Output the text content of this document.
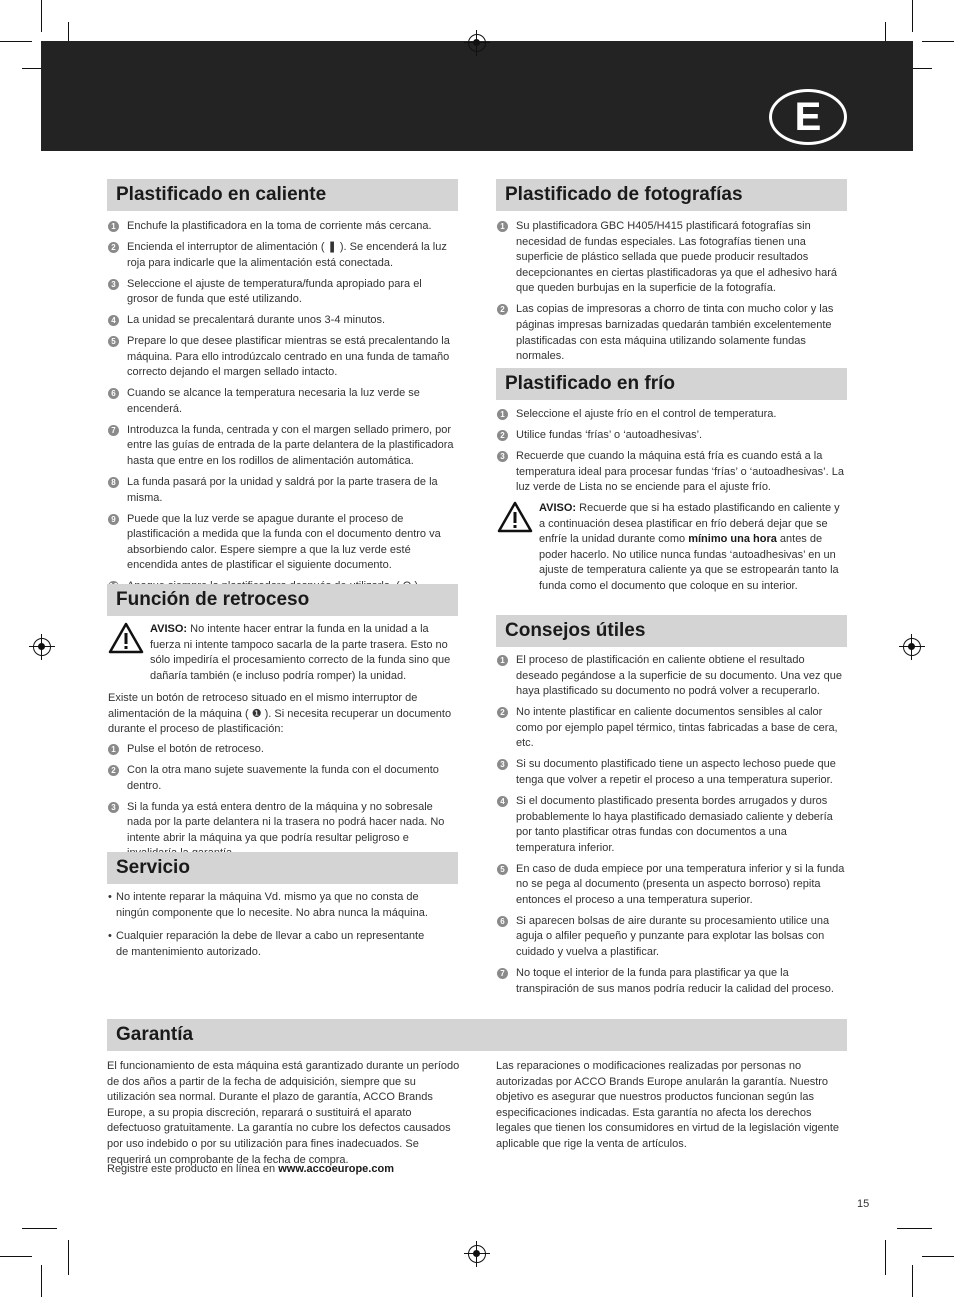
E
Plastificado en caliente
1 Enchufe la plastificadora en la toma de corriente más cercana.
2 Encienda el interruptor de alimentación ( ❚ ). Se encenderá la luz roja para indicarle que la alimentación está conectada.
3 Seleccione el ajuste de temperatura/funda apropiado para el grosor de funda que esté utilizando.
4 La unidad se precalentará durante unos 3-4 minutos.
5 Prepare lo que desee plastificar mientras se está precalentando la máquina. Para ello introdúzcalo centrado en una funda de tamaño correcto dejando el margen sellado intacto.
6 Cuando se alcance la temperatura necesaria la luz verde se encenderá.
7 Introduzca la funda, centrada y con el margen sellado primero, por entre las guías de entrada de la parte delantera de la plastificadora hasta que entre en los rodillos de alimentación automática.
8 La funda pasará por la unidad y saldrá por la parte trasera de la misma.
9 Puede que la luz verde se apague durante el proceso de plastificación a medida que la funda con el documento dentro va absorbiendo calor. Espere siempre a que la luz verde esté encendida antes de plastificar el siguiente documento.
Función de retroceso
AVISO: No intente hacer entrar la funda en la unidad a la fuerza ni intente tampoco sacarla de la parte trasera. Esto no sólo impediría el procesamiento correcto de la funda sino que dañaría también (e incluso podría romper) la unidad.

Existe un botón de retroceso situado en el mismo interruptor de alimentación de la máquina ( ❶ ). Si necesita recuperar un documento durante el proceso de plastificación:

1 Pulse el botón de retroceso.
2 Con la otra mano sujete suavemente la funda con el documento dentro.
3 Si la funda ya está entera dentro de la máquina y no sobresale nada por la parte delantera ni la trasera no podrá hacer nada. No intente abrir la máquina ya que podría resultar peligroso e
Servicio
• No intente reparar la máquina Vd. mismo ya que no consta de ningún componente que lo necesite. No abra nunca la máquina.
• Cualquier reparación la debe de llevar a cabo un representante de mantenimiento autorizado.
Plastificado de fotografías
1 Su plastificadora GBC H405/H415 plastificará fotografías sin necesidad de fundas especiales. Las fotografías tienen una superficie de plástico sellada que puede producir resultados decepcionantes en ciertas plastificadoras ya que el adhesivo hará que queden burbujas en la superficie de la fotografía.
2 Las copias de impresoras a chorro de tinta con mucho color y las páginas impresas barnizadas quedarán también excelentemente plastificadas con esta máquina utilizando solamente fundas normales.
Plastificado en frío
1 Seleccione el ajuste frío en el control de temperatura.
2 Utilice fundas ‘frías’ o ‘autoadhesivas’.
3 Recuerde que cuando la máquina está fría es cuando está a la temperatura ideal para procesar fundas ‘frías’ o ‘autoadhesivas’. La luz verde de Lista no se enciende para el ajuste frío.
AVISO: Recuerde que si ha estado plastificando en caliente y a continuación desea plastificar en frío deberá dejar que se enfríe la unidad durante como mínimo una hora antes de poder hacerlo. No utilice nunca fundas ‘autoadhesivas’ en un ajuste de temperatura caliente ya que se estropearán tanto la funda como el documento que coloque en su interior.
Consejos útiles
1 El proceso de plastificación en caliente obtiene el resultado deseado pegándose a la superficie de su documento. Una vez que haya plastificado su documento no podrá volver a recuperarlo.
2 No intente plastificar en caliente documentos sensibles al calor como por ejemplo papel térmico, tintas fabricadas a base de cera, etc.
3 Si su documento plastificado tiene un aspecto lechoso puede que tenga que volver a repetir el proceso a una temperatura superior.
4 Si el documento plastificado presenta bordes arrugados y duros probablemente lo haya plastificado demasiado caliente y debería por tanto plastificar otras fundas con documentos a una temperatura inferior.
5 En caso de duda empiece por una temperatura inferior y si la funda no se pega al documento (presenta un aspecto borroso) repita entonces el proceso a una temperatura superior.
6 Si aparecen bolsas de aire durante su procesamiento utilice una aguja o alfiler pequeño y punzante para explotar las bolsas con cuidado y vuelva a plastificar.
7 No toque el interior de la funda para plastificar ya que la transpiración de sus manos podría reducir la calidad del proceso.
Garantía

El funcionamiento de esta máquina está garantizado durante un período de dos años a partir de la fecha de adquisición, siempre que su utilización sea normal. Durante el plazo de garantía, ACCO Brands Europe, a su propia discreción, reparará o sustituirá el aparato defectuoso gratuitamente. La garantía no cubre los defectos causados por uso indebido o por su utilización para fines inadecuados. Se requerirá un comprobante de la fecha de compra.

Registre este producto en línea en www.accoeurope.com

Las reparaciones o modificaciones realizadas por personas no autorizadas por ACCO Brands Europe anularán la garantía. Nuestro objetivo es asegurar que nuestros productos funcionan según las especificaciones indicadas. Esta garantía no afecta los derechos legales que tienen los consumidores en virtud de la legislación vigente aplicable que rige la venta de artículos.

15
